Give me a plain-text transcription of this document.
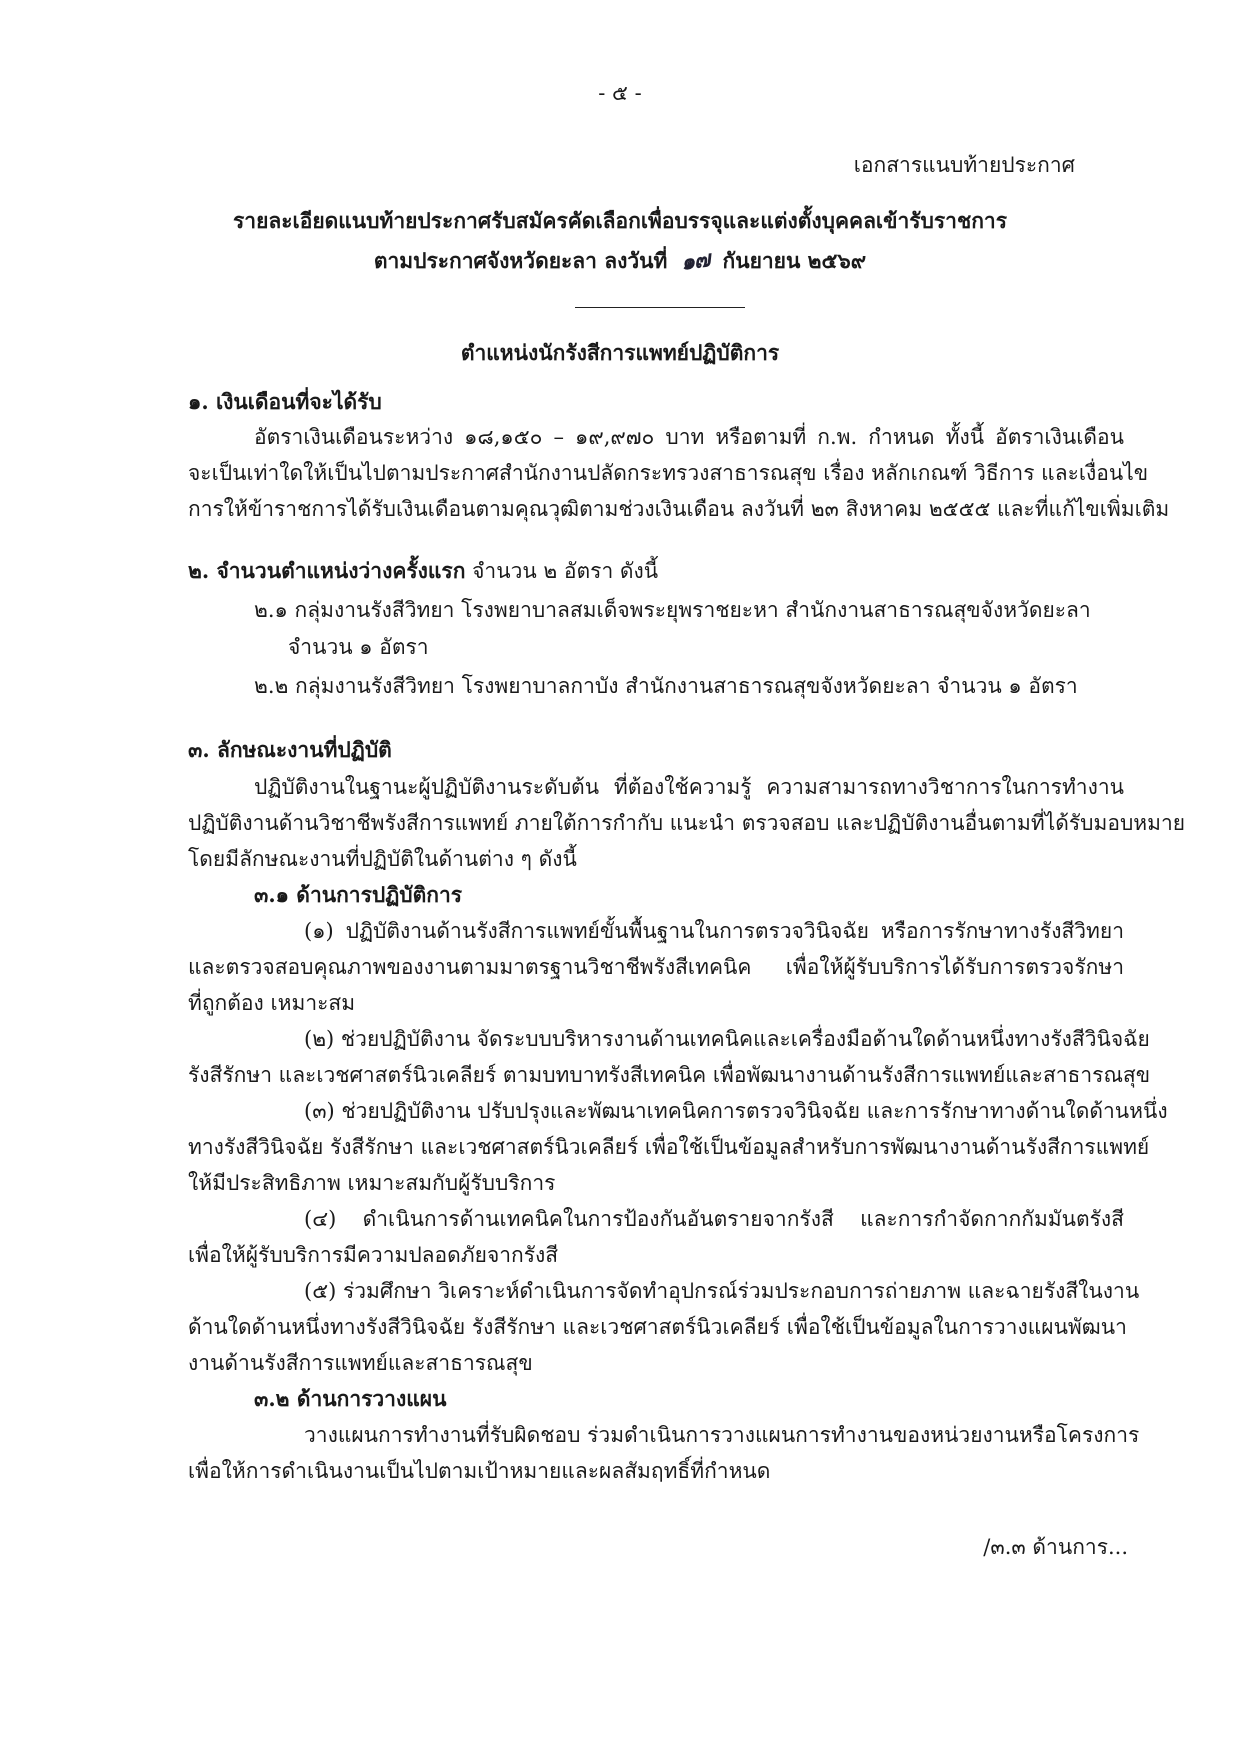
- ๕ -
เอกสารแนบท้ายประกาศ
รายละเอียดแนบท้ายประกาศรับสมัครคัดเลือกเพื่อบรรจุและแต่งตั้งบุคคลเข้ารับราชการ
ตามประกาศจังหวัดยะลา ลงวันที่ ๑๗ กันยายน ๒๕๖๙
ตำแหน่งนักรังสีการแพทย์ปฏิบัติการ
๑. เงินเดือนที่จะได้รับ
อัตราเงินเดือนระหว่าง ๑๘,๑๕๐ – ๑๙,๙๗๐ บาท หรือตามที่ ก.พ. กำหนด ทั้งนี้ อัตราเงินเดือน
จะเป็นเท่าใดให้เป็นไปตามประกาศสำนักงานปลัดกระทรวงสาธารณสุข เรื่อง หลักเกณฑ์ วิธีการ และเงื่อนไข
การให้ข้าราชการได้รับเงินเดือนตามคุณวุฒิตามช่วงเงินเดือน ลงวันที่ ๒๓ สิงหาคม ๒๕๕๕ และที่แก้ไขเพิ่มเติม
๒. จำนวนตำแหน่งว่างครั้งแรก จำนวน ๒ อัตรา ดังนี้
๒.๑ กลุ่มงานรังสีวิทยา โรงพยาบาลสมเด็จพระยุพราชยะหา สำนักงานสาธารณสุขจังหวัดยะลา
จำนวน ๑ อัตรา
๒.๒ กลุ่มงานรังสีวิทยา โรงพยาบาลกาบัง สำนักงานสาธารณสุขจังหวัดยะลา จำนวน ๑ อัตรา
๓. ลักษณะงานที่ปฏิบัติ
ปฏิบัติงานในฐานะผู้ปฏิบัติงานระดับต้น ที่ต้องใช้ความรู้ ความสามารถทางวิชาการในการทำงาน
ปฏิบัติงานด้านวิชาชีพรังสีการแพทย์ ภายใต้การกำกับ แนะนำ ตรวจสอบ และปฏิบัติงานอื่นตามที่ได้รับมอบหมาย
โดยมีลักษณะงานที่ปฏิบัติในด้านต่าง ๆ ดังนี้
๓.๑ ด้านการปฏิบัติการ
(๑) ปฏิบัติงานด้านรังสีการแพทย์ขั้นพื้นฐานในการตรวจวินิจฉัย หรือการรักษาทางรังสีวิทยา
และตรวจสอบคุณภาพของงานตามมาตรฐานวิชาชีพรังสีเทคนิค เพื่อให้ผู้รับบริการได้รับการตรวจรักษา
ที่ถูกต้อง เหมาะสม
(๒) ช่วยปฏิบัติงาน จัดระบบบริหารงานด้านเทคนิคและเครื่องมือด้านใดด้านหนึ่งทางรังสีวินิจฉัย
รังสีรักษา และเวชศาสตร์นิวเคลียร์ ตามบทบาทรังสีเทคนิค เพื่อพัฒนางานด้านรังสีการแพทย์และสาธารณสุข
(๓) ช่วยปฏิบัติงาน ปรับปรุงและพัฒนาเทคนิคการตรวจวินิจฉัย และการรักษาทางด้านใดด้านหนึ่ง
ทางรังสีวินิจฉัย รังสีรักษา และเวชศาสตร์นิวเคลียร์ เพื่อใช้เป็นข้อมูลสำหรับการพัฒนางานด้านรังสีการแพทย์
ให้มีประสิทธิภาพ เหมาะสมกับผู้รับบริการ
(๔) ดำเนินการด้านเทคนิคในการป้องกันอันตรายจากรังสี และการกำจัดกากกัมมันตรังสี
เพื่อให้ผู้รับบริการมีความปลอดภัยจากรังสี
(๕) ร่วมศึกษา วิเคราะห์ดำเนินการจัดทำอุปกรณ์ร่วมประกอบการถ่ายภาพ และฉายรังสีในงาน
ด้านใดด้านหนึ่งทางรังสีวินิจฉัย รังสีรักษา และเวชศาสตร์นิวเคลียร์ เพื่อใช้เป็นข้อมูลในการวางแผนพัฒนา
งานด้านรังสีการแพทย์และสาธารณสุข
๓.๒ ด้านการวางแผน
วางแผนการทำงานที่รับผิดชอบ ร่วมดำเนินการวางแผนการทำงานของหน่วยงานหรือโครงการ
เพื่อให้การดำเนินงานเป็นไปตามเป้าหมายและผลสัมฤทธิ์ที่กำหนด
/๓.๓ ด้านการ...
